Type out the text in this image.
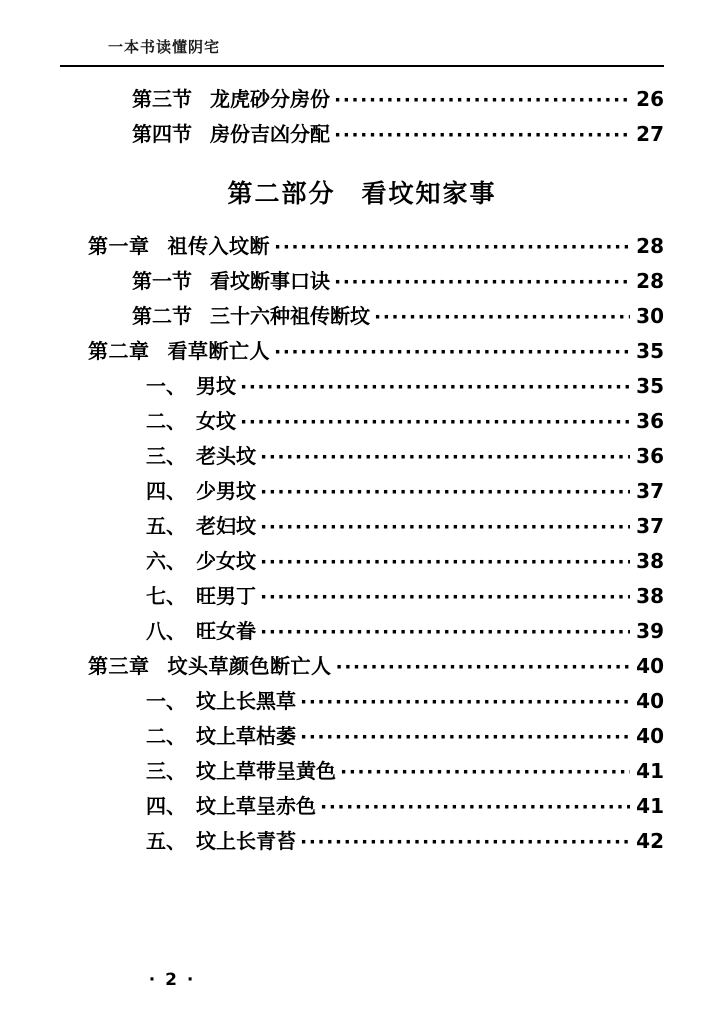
一本书读懂阴宅
第三节 龙虎砂分房份 ·····	26
第四节 房份吉凶分配 ·····	27
第二部分 看坟知家事
第一章 祖传入坟断 ·····	28
第一节 看坟断事口诀 ·····	28
第二节 三十六种祖传断坟 ·····	30
第二章 看草断亡人 ·····	35
一、 男坟 ·····	35
二、 女坟 ·····	36
三、 老头坟 ·····	36
四、 少男坟 ·····	37
五、 老妇坟 ·····	37
六、 少女坟 ·····	38
七、 旺男丁 ·····	38
八、 旺女眷 ·····	39
第三章 坟头草颜色断亡人 ·····	40
一、 坟上长黑草 ·····	40
二、 坟上草枯萎 ·····	40
三、 坟上草带呈黄色 ·····	41
四、 坟上草呈赤色 ·····	41
五、 坟上长青苔 ·····	42
· 2 ·
